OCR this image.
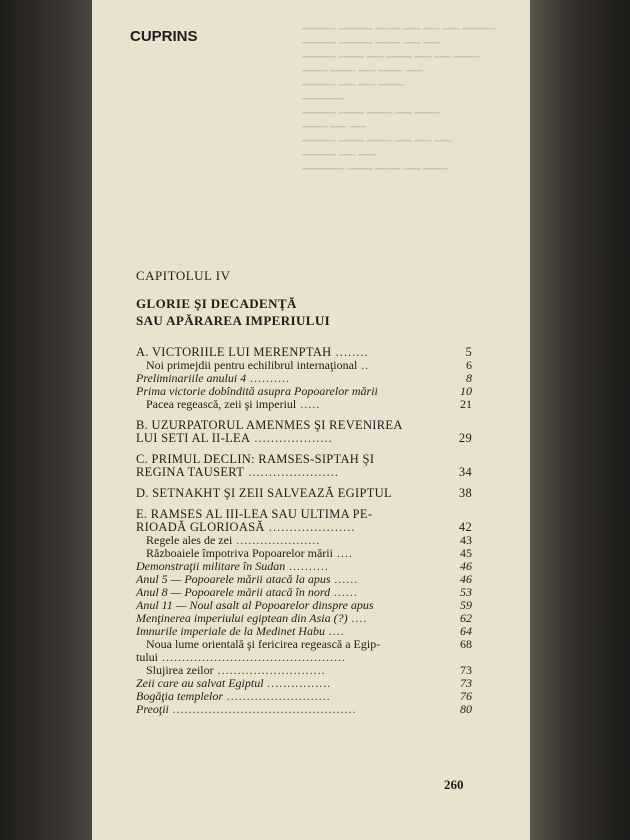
▔▔▔▔ ▔▔▔▔ ▔▔▔ ▔▔ ▔▔ ▔▔ ▔▔▔▔
▔▔▔▔ ▔▔▔▔ ▔▔▔ ▔▔ ▔▔
▔▔▔▔ ▔▔▔ ▔▔ ▔▔▔ ▔▔ ▔▔ ▔▔▔
▔▔▔ ▔▔▔ ▔▔ ▔▔▔ ▔▔
▔▔▔▔ ▔▔ ▔▔ ▔▔▔
▔▔▔▔▔
▔▔▔▔ ▔▔▔ ▔▔▔ ▔▔ ▔▔▔
▔▔▔ ▔▔ ▔▔
▔▔▔▔ ▔▔▔ ▔▔▔ ▔▔ ▔▔ ▔▔
▔▔▔▔ ▔▔ ▔▔
▔▔▔▔▔ ▔▔▔ ▔▔▔ ▔▔ ▔▔▔
CUPRINS
CAPITOLUL IV
GLORIE ŞI DECADENŢĂ
SAU APĂRAREA IMPERIULUI
A. VICTORIILE LUI MERENPTAH ........	5
Noi primejdii pentru echilibrul internaţional ..	6
Preliminariile anului 4 ..........	8
Prima victorie dobîndită asupra Popoarelor mării	10
Pacea regească, zeii şi imperiul .....	21
B. UZURPATORUL AMENMES ŞI REVENIREA
LUI SETI AL II-LEA ...................	29
C. PRIMUL DECLIN: RAMSES-SIPTAH ŞI
REGINA TAUSERT ......................	34
D. SETNAKHT ŞI ZEII SALVEAZĂ EGIPTUL	38
E. RAMSES AL III-LEA SAU ULTIMA PE-
RIOADĂ GLORIOASĂ .....................	42
Regele ales de zei .....................	43
Războaiele împotriva Popoarelor mării ....	45
Demonstraţii militare în Sudan ..........	46
Anul 5 — Popoarele mării atacă la apus ......	46
Anul 8 — Popoarele mării atacă în nord ......	53
Anul 11 — Noul asalt al Popoarelor dinspre apus	59
Menţinerea imperiului egiptean din Asia (?) ....	62
Imnurile imperiale de la Medinet Habu ....	64
Noua lume orientală şi fericirea regească a Egip-	68
tului ..............................................
Slujirea zeilor ...........................	73
Zeii care au salvat Egiptul ................	73
Bogăţia templelor ..........................	76
Preoţii ..............................................	80
260
